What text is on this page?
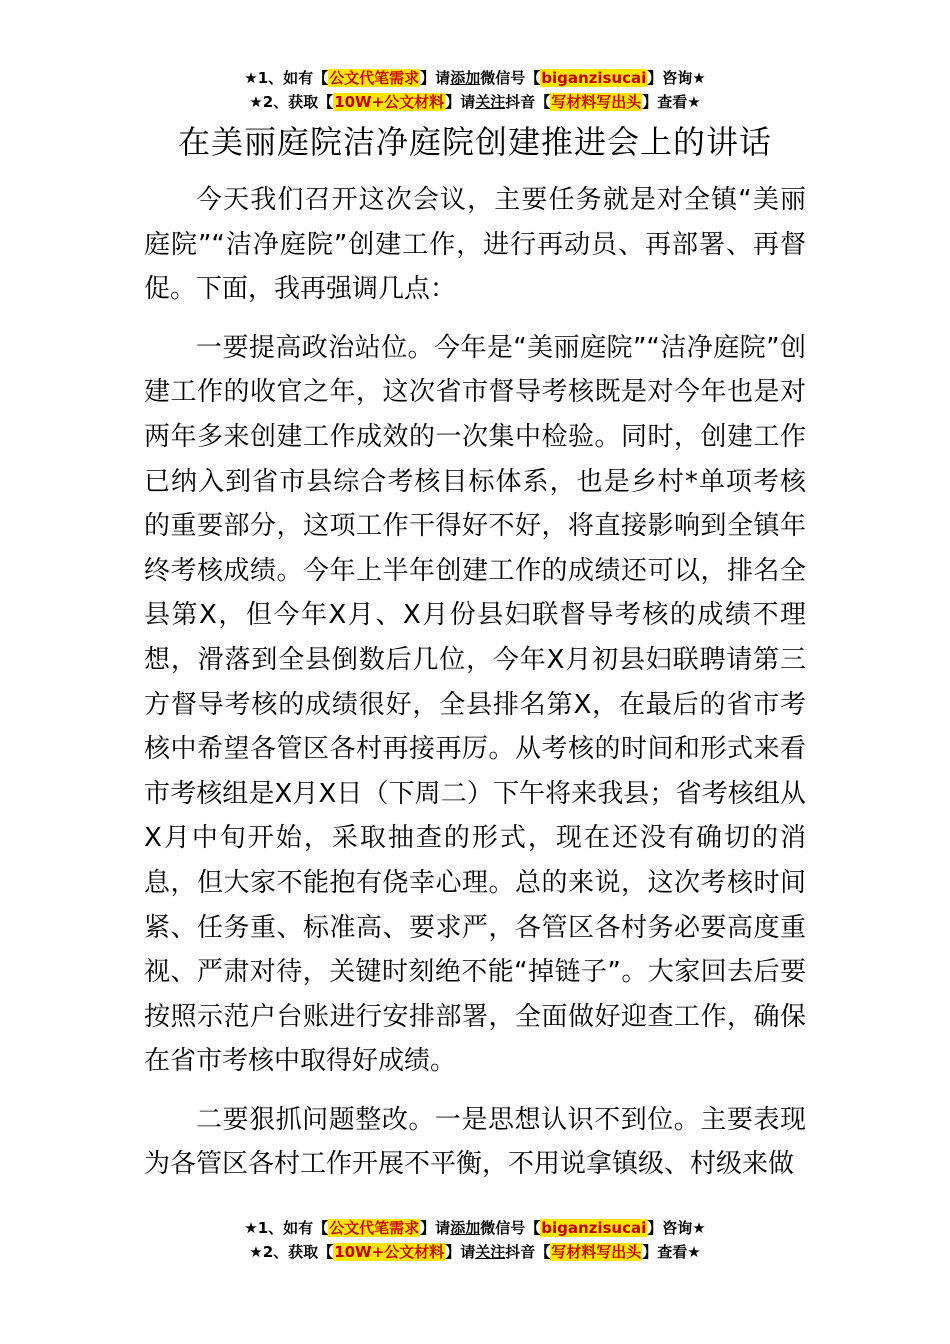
★1、如有【公文代笔需求】请添加微信号【biganzisucai】咨询★
★2、获取【10W+公文材料】请关注抖音【写材料写出头】查看★
在美丽庭院洁净庭院创建推进会上的讲话

今天我们召开这次会议，主要任务就是对全镇“美丽庭院”“洁净庭院”创建工作，进行再动员、再部署、再督促。下面，我再强调几点：

一要提高政治站位。今年是“美丽庭院”“洁净庭院”创建工作的收官之年，这次省市督导考核既是对今年也是对两年多来创建工作成效的一次集中检验。同时，创建工作已纳入到省市县综合考核目标体系，也是乡村*单项考核的重要部分，这项工作干得好不好，将直接影响到全镇年终考核成绩。今年上半年创建工作的成绩还可以，排名全县第X，但今年X月、X月份县妇联督导考核的成绩不理想，滑落到全县倒数后几位，今年X月初县妇联聘请第三方督导考核的成绩很好，全县排名第X，在最后的省市考核中希望各管区各村再接再厉。从考核的时间和形式来看市考核组是X月X日（下周二）下午将来我县；省考核组从X月中旬开始，采取抽查的形式，现在还没有确切的消息，但大家不能抱有侥幸心理。总的来说，这次考核时间紧、任务重、标准高、要求严，各管区各村务必要高度重视、严肃对待，关键时刻绝不能“掉链子”。大家回去后要按照示范户台账进行安排部署，全面做好迎查工作，确保在省市考核中取得好成绩。

二要狠抓问题整改。一是思想认识不到位。主要表现为各管区各村工作开展不平衡，不用说拿镇级、村级来做

★1、如有【公文代笔需求】请添加微信号【biganzisucai】咨询★
★2、获取【10W+公文材料】请关注抖音【写材料写出头】查看★
